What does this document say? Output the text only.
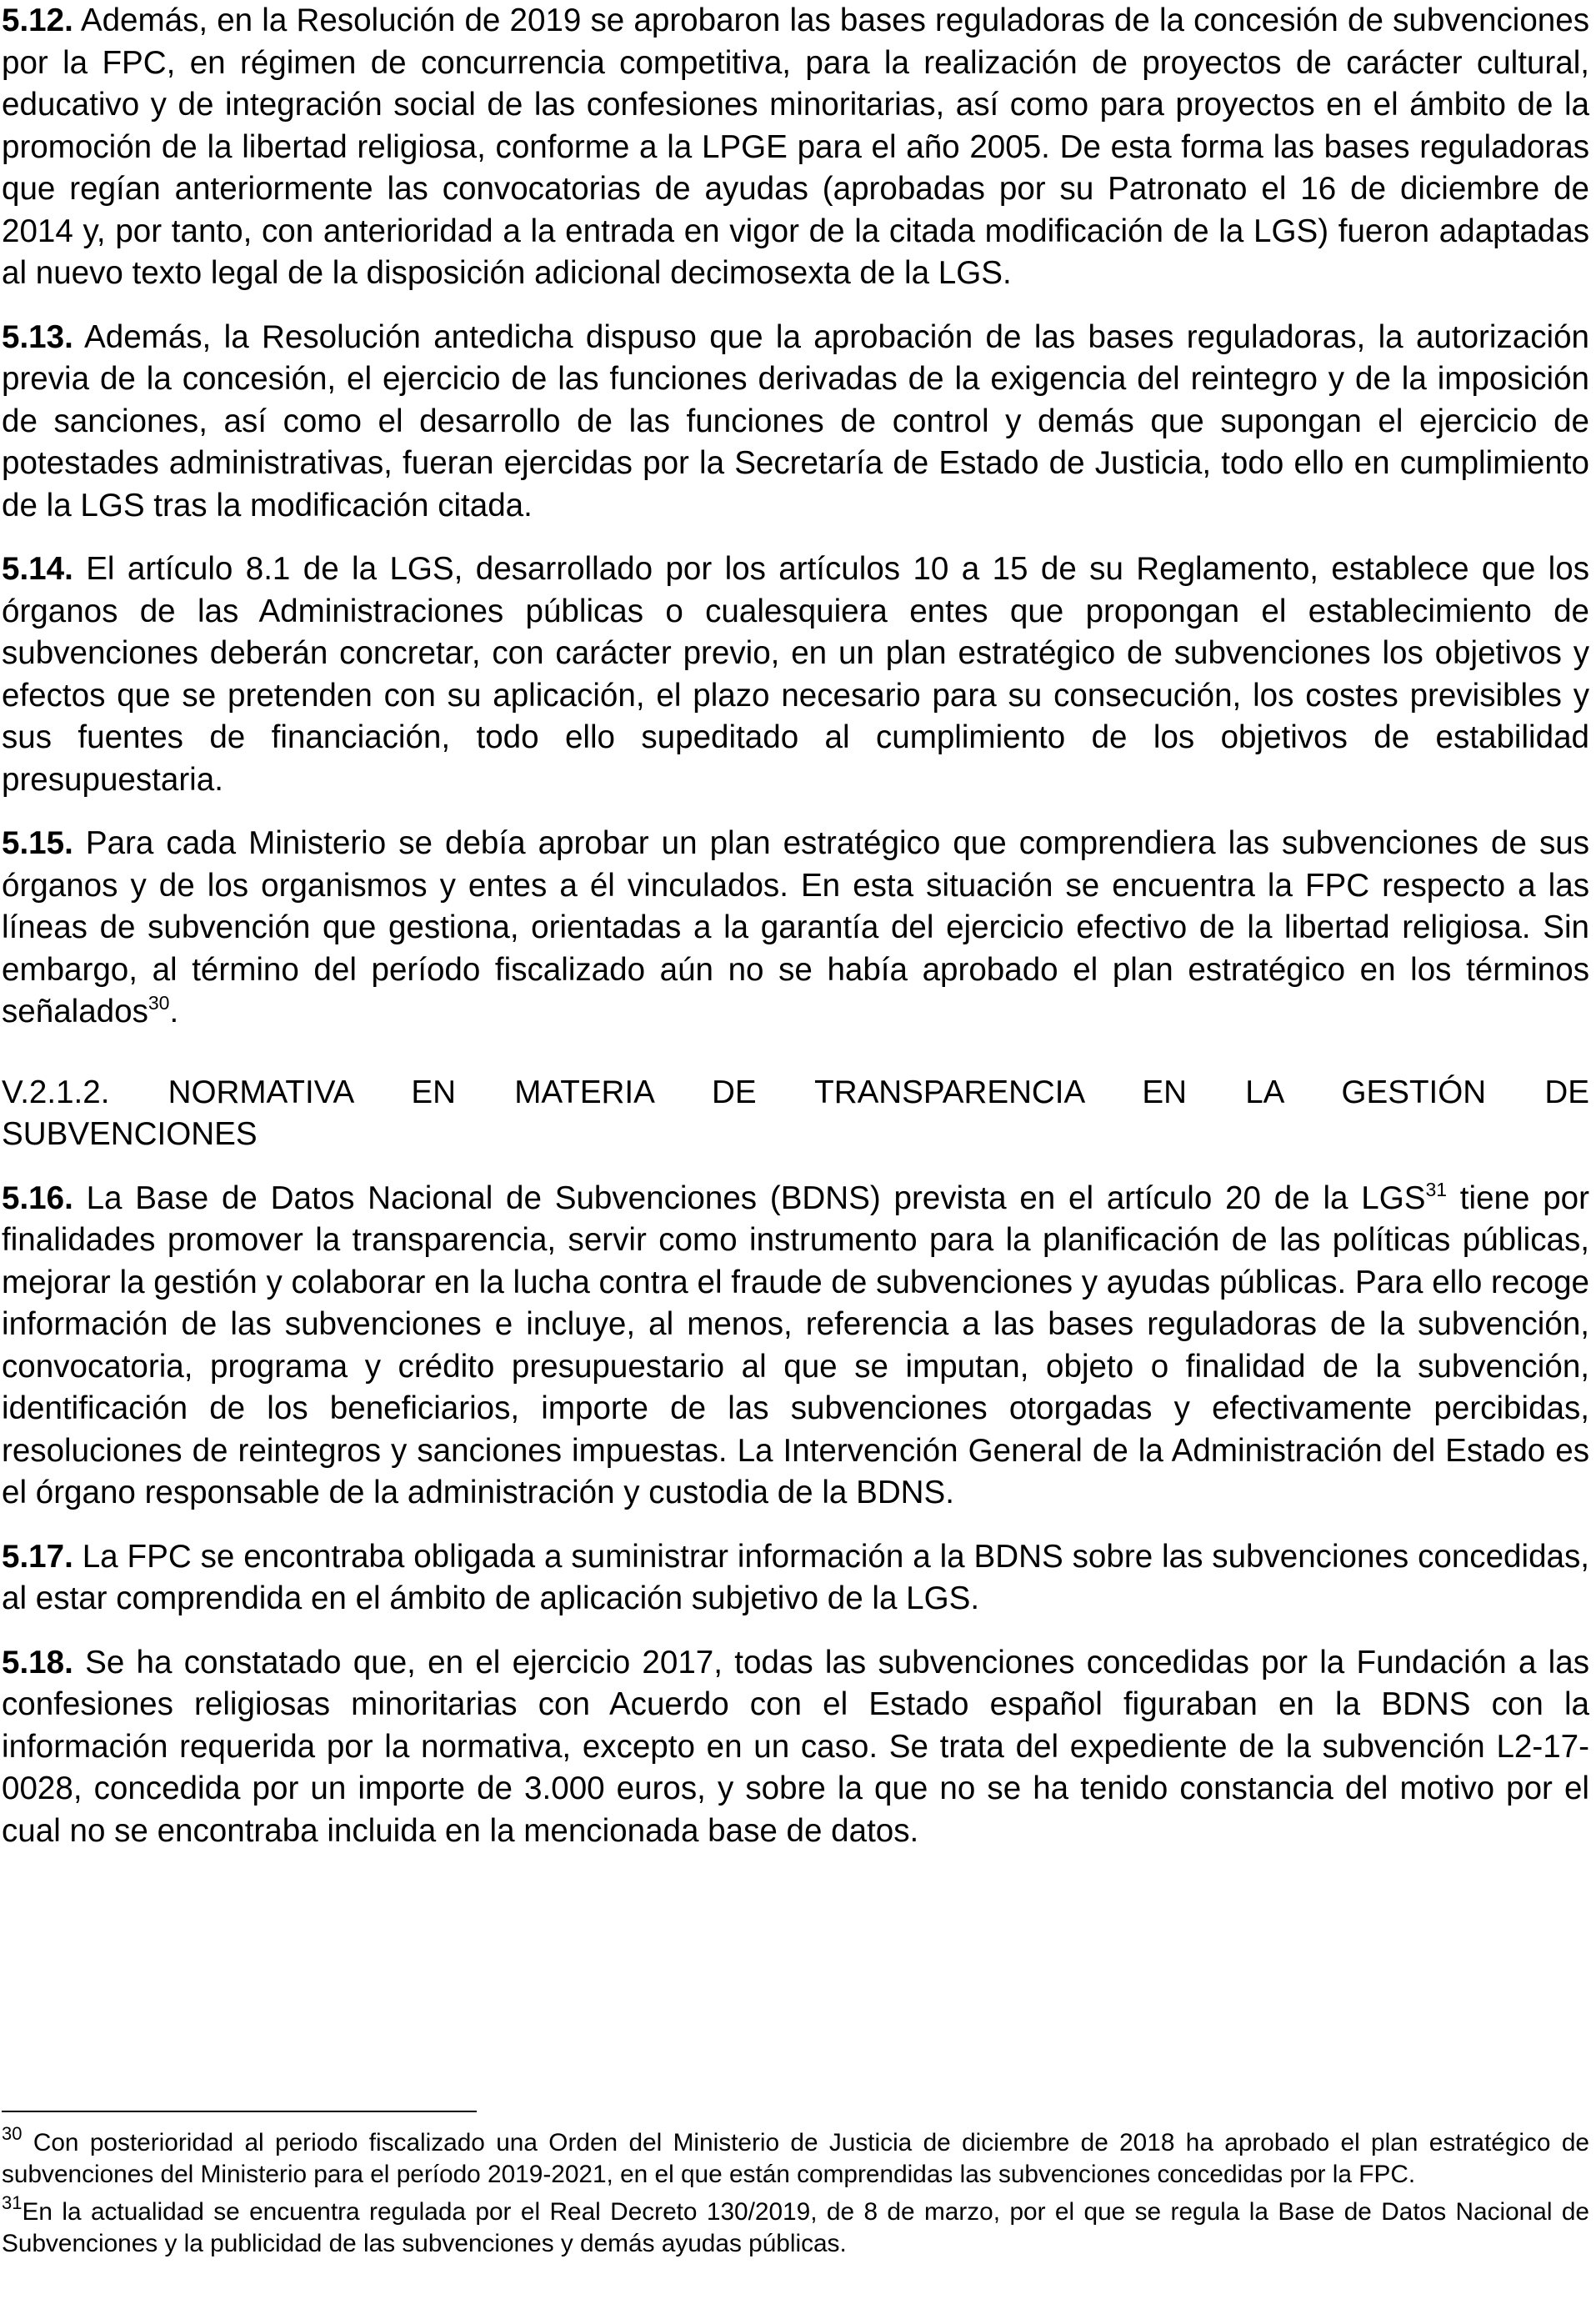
5.12. Además, en la Resolución de 2019 se aprobaron las bases reguladoras de la concesión de subvenciones por la FPC, en régimen de concurrencia competitiva, para la realización de proyectos de carácter cultural, educativo y de integración social de las confesiones minoritarias, así como para proyectos en el ámbito de la promoción de la libertad religiosa, conforme a la LPGE para el año 2005. De esta forma las bases reguladoras que regían anteriormente las convocatorias de ayudas (aprobadas por su Patronato el 16 de diciembre de 2014 y, por tanto, con anterioridad a la entrada en vigor de la citada modificación de la LGS) fueron adaptadas al nuevo texto legal de la disposición adicional decimosexta de la LGS.

5.13. Además, la Resolución antedicha dispuso que la aprobación de las bases reguladoras, la autorización previa de la concesión, el ejercicio de las funciones derivadas de la exigencia del reintegro y de la imposición de sanciones, así como el desarrollo de las funciones de control y demás que supongan el ejercicio de potestades administrativas, fueran ejercidas por la Secretaría de Estado de Justicia, todo ello en cumplimiento de la LGS tras la modificación citada.

5.14. El artículo 8.1 de la LGS, desarrollado por los artículos 10 a 15 de su Reglamento, establece que los órganos de las Administraciones públicas o cualesquiera entes que propongan el establecimiento de subvenciones deberán concretar, con carácter previo, en un plan estratégico de subvenciones los objetivos y efectos que se pretenden con su aplicación, el plazo necesario para su consecución, los costes previsibles y sus fuentes de financiación, todo ello supeditado al cumplimiento de los objetivos de estabilidad presupuestaria.

5.15. Para cada Ministerio se debía aprobar un plan estratégico que comprendiera las subvenciones de sus órganos y de los organismos y entes a él vinculados. En esta situación se encuentra la FPC respecto a las líneas de subvención que gestiona, orientadas a la garantía del ejercicio efectivo de la libertad religiosa. Sin embargo, al término del período fiscalizado aún no se había aprobado el plan estratégico en los términos señalados$^{30}$.

V.2.1.2. NORMATIVA EN MATERIA DE TRANSPARENCIA EN LA GESTIÓN DE
SUBVENCIONES

5.16. La Base de Datos Nacional de Subvenciones (BDNS) prevista en el artículo 20 de la LGS$^{31}$ tiene por finalidades promover la transparencia, servir como instrumento para la planificación de las políticas públicas, mejorar la gestión y colaborar en la lucha contra el fraude de subvenciones y ayudas públicas. Para ello recoge información de las subvenciones e incluye, al menos, referencia a las bases reguladoras de la subvención, convocatoria, programa y crédito presupuestario al que se imputan, objeto o finalidad de la subvención, identificación de los beneficiarios, importe de las subvenciones otorgadas y efectivamente percibidas, resoluciones de reintegros y sanciones impuestas. La Intervención General de la Administración del Estado es el órgano responsable de la administración y custodia de la BDNS.

5.17. La FPC se encontraba obligada a suministrar información a la BDNS sobre las subvenciones concedidas, al estar comprendida en el ámbito de aplicación subjetivo de la LGS.

5.18. Se ha constatado que, en el ejercicio 2017, todas las subvenciones concedidas por la Fundación a las confesiones religiosas minoritarias con Acuerdo con el Estado español figuraban en la BDNS con la información requerida por la normativa, excepto en un caso. Se trata del expediente de la subvención L2-17-0028, concedida por un importe de 3.000 euros, y sobre la que no se ha tenido constancia del motivo por el cual no se encontraba incluida en la mencionada base de datos.

$^{30}$ Con posterioridad al periodo fiscalizado una Orden del Ministerio de Justicia de diciembre de 2018 ha aprobado el plan estratégico de subvenciones del Ministerio para el período 2019-2021, en el que están comprendidas las subvenciones concedidas por la FPC.

$^{31}$En la actualidad se encuentra regulada por el Real Decreto 130/2019, de 8 de marzo, por el que se regula la Base de Datos Nacional de Subvenciones y la publicidad de las subvenciones y demás ayudas públicas.
